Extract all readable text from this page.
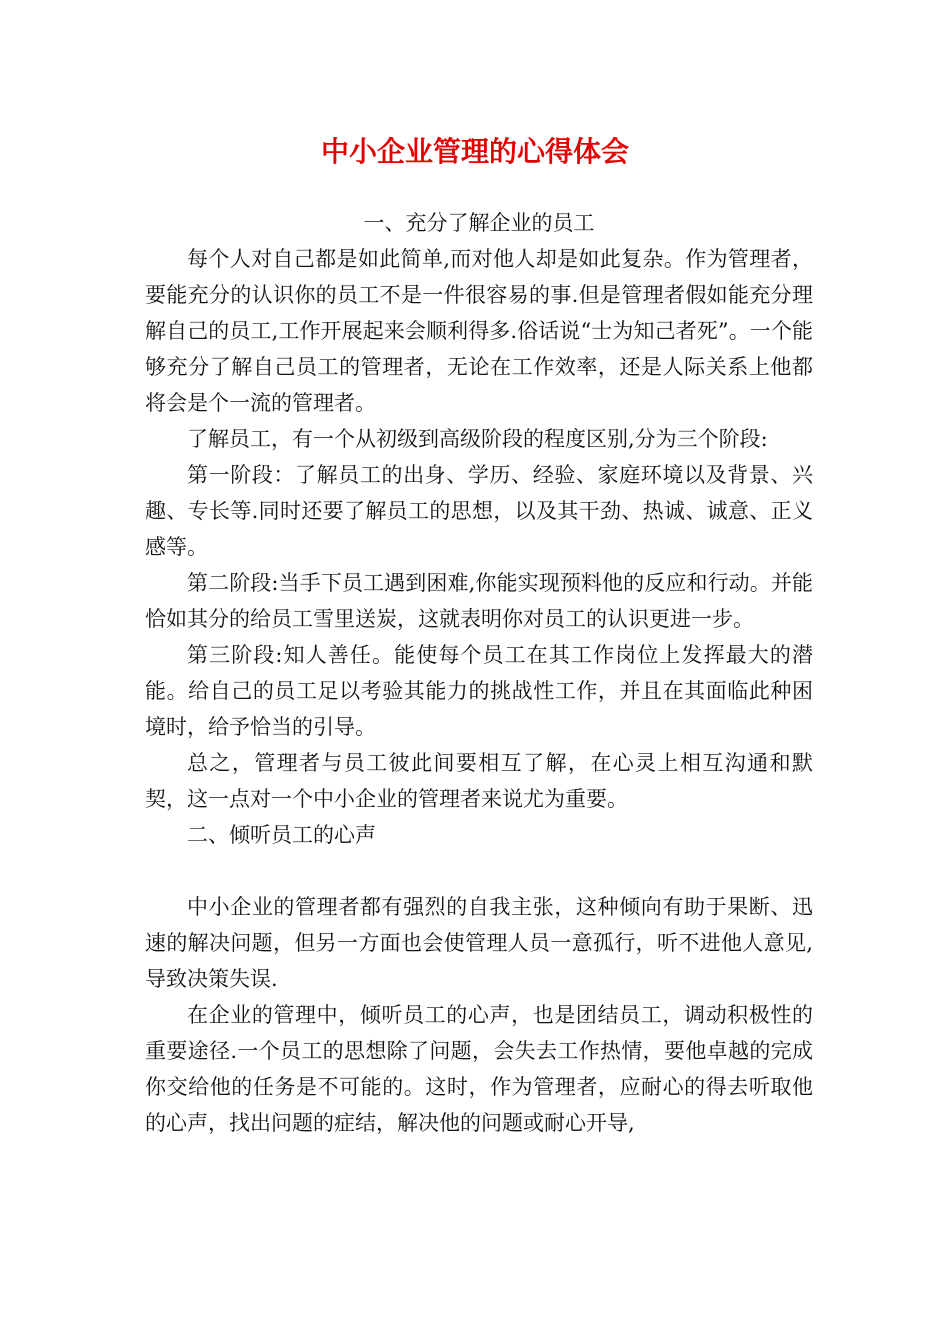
中小企业管理的心得体会
一、充分了解企业的员工

每个人对自己都是如此简单,而对他人却是如此复杂。作为管理者，要能充分的认识你的员工不是一件很容易的事.但是管理者假如能充分理解自己的员工,工作开展起来会顺利得多.俗话说“士为知己者死”。一个能够充分了解自己员工的管理者，无论在工作效率，还是人际关系上他都将会是个一流的管理者。

了解员工，有一个从初级到高级阶段的程度区别,分为三个阶段:

第一阶段：了解员工的出身、学历、经验、家庭环境以及背景、兴趣、专长等.同时还要了解员工的思想，以及其干劲、热诚、诚意、正义感等。

第二阶段:当手下员工遇到困难,你能实现预料他的反应和行动。并能恰如其分的给员工雪里送炭，这就表明你对员工的认识更进一步。

第三阶段:知人善任。能使每个员工在其工作岗位上发挥最大的潜能。给自己的员工足以考验其能力的挑战性工作，并且在其面临此种困境时，给予恰当的引导。

总之，管理者与员工彼此间要相互了解，在心灵上相互沟通和默契，这一点对一个中小企业的管理者来说尤为重要。

二、倾听员工的心声

中小企业的管理者都有强烈的自我主张，这种倾向有助于果断、迅速的解决问题，但另一方面也会使管理人员一意孤行，听不进他人意见,导致决策失误.

在企业的管理中，倾听员工的心声，也是团结员工，调动积极性的重要途径.一个员工的思想除了问题，会失去工作热情，要他卓越的完成你交给他的任务是不可能的。这时，作为管理者，应耐心的得去听取他的心声，找出问题的症结，解决他的问题或耐心开导,
